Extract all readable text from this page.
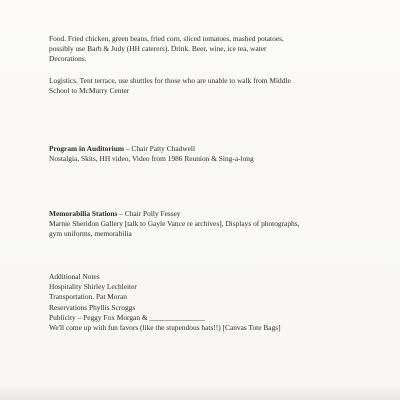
Food. Fried chicken, green beans, fried corn, sliced tomatoes, mashed potatoes,
possibly use Barb & Judy (HH caterers), Drink. Beer, wine, ice tea, water
Decorations.
Logistics. Tent terrace, use shuttles for those who are unable to walk from Middle
School to McMurry Center
Program in Auditorium – Chair Patty Chadwell
Nostalgia, Skits, HH video, Video from 1986 Reunion & Sing-a-long
Memorabilia Stations – Chair Polly Fessey
Marnie Sheridon Gallery [talk to Gayle Vance re archives], Displays of photographs,
gym uniforms, memorabilia
Additional Notes
Hospitality Shirley Lechleiter
Transportation. Pat Moran
Reservations Phyllis Scroggs
Publicity – Peggy Fox Morgan & _______________
We'll come up with fun favors (like the stupendous hats!!) [Canvas Tote Bags]
